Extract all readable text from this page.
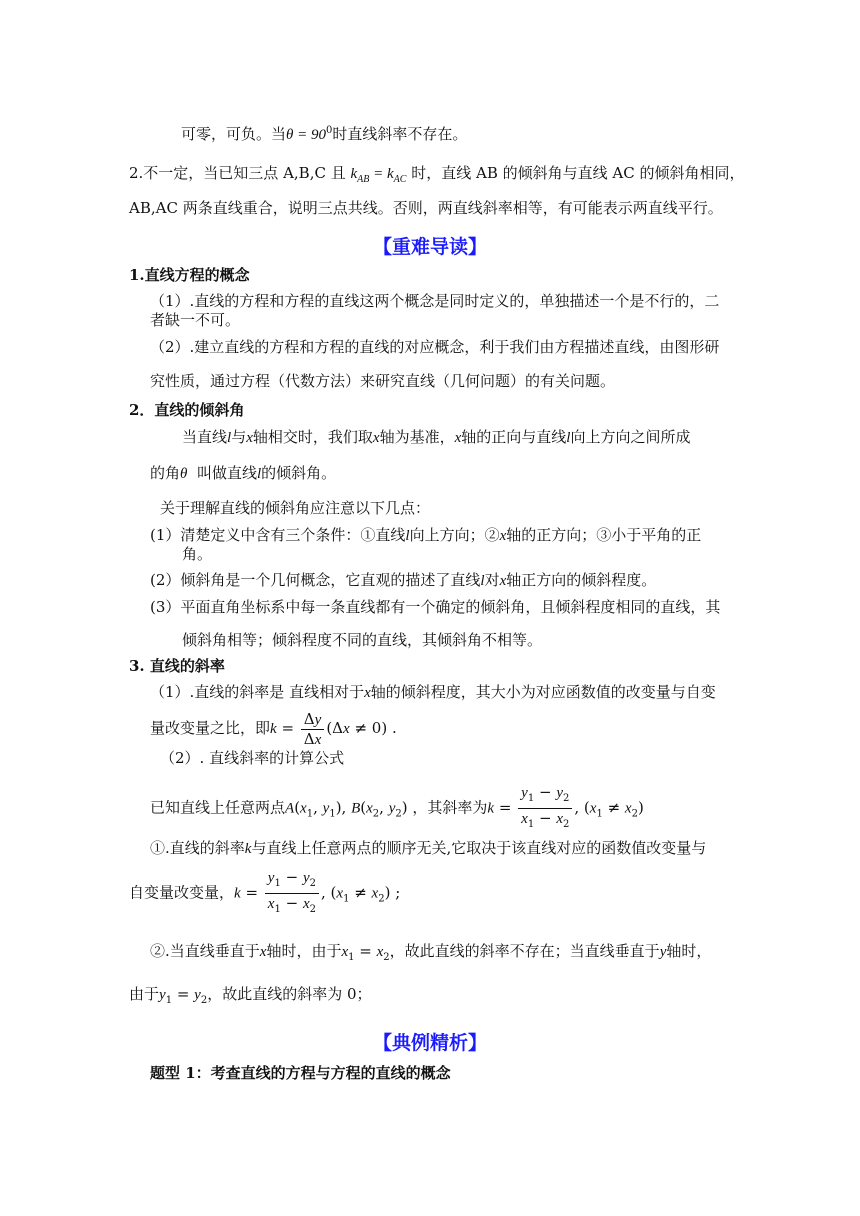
可零，可负。当$\theta = 90^0$时直线斜率不存在。
2.不一定，当已知三点 A,B,C 且 $k_{AB} = k_{AC}$ 时，直线 AB 的倾斜角与直线 AC 的倾斜角相同，
AB,AC 两条直线重合，说明三点共线。否则，两直线斜率相等，有可能表示两直线平行。
【重难导读】
1.直线方程的概念
（1）.直线的方程和方程的直线这两个概念是同时定义的，单独描述一个是不行的，二
者缺一不可。
（2）.建立直线的方程和方程的直线的对应概念，利于我们由方程描述直线，由图形研
究性质，通过方程（代数方法）来研究直线（几何问题）的有关问题。
2．直线的倾斜角
当直线l与x轴相交时，我们取x轴为基准，x轴的正向与直线l向上方向之间所成
的角θ 叫做直线l的倾斜角。
关于理解直线的倾斜角应注意以下几点：
(1）清楚定义中含有三个条件：①直线l向上方向；②x轴的正方向；③小于平角的正
角。
(2）倾斜角是一个几何概念，它直观的描述了直线l对x轴正方向的倾斜程度。
(3）平面直角坐标系中每一条直线都有一个确定的倾斜角，且倾斜程度相同的直线，其
倾斜角相等；倾斜程度不同的直线，其倾斜角不相等。
3. 直线的斜率
（1）.直线的斜率是 直线相对于x轴的倾斜程度，其大小为对应函数值的改变量与自变
量改变量之比，即$k = \frac{\Delta y}{\Delta x} (\Delta x \ne 0)$ .
（2）. 直线斜率的计算公式
已知直线上任意两点$A(x_1$, $y_1$), $B(x_2$, $y_2$) ，其斜率为$k = \frac{y_1 - y_2}{x_1 - x_2}$ , $(x_1 \ne x_2)$
①.直线的斜率k与直线上任意两点的顺序无关,它取决于该直线对应的函数值改变量与
自变量改变量，$k = \frac{y_1 - y_2}{x_1 - x_2}$ , $(x_1 \ne x_2)$ ;
②.当直线垂直于x轴时，由于$x_1 = x_2$，故此直线的斜率不存在；当直线垂直于y轴时，
由于$y_1 = y_2$，故此直线的斜率为 0；
【典例精析】
题型 1：考查直线的方程与方程的直线的概念
